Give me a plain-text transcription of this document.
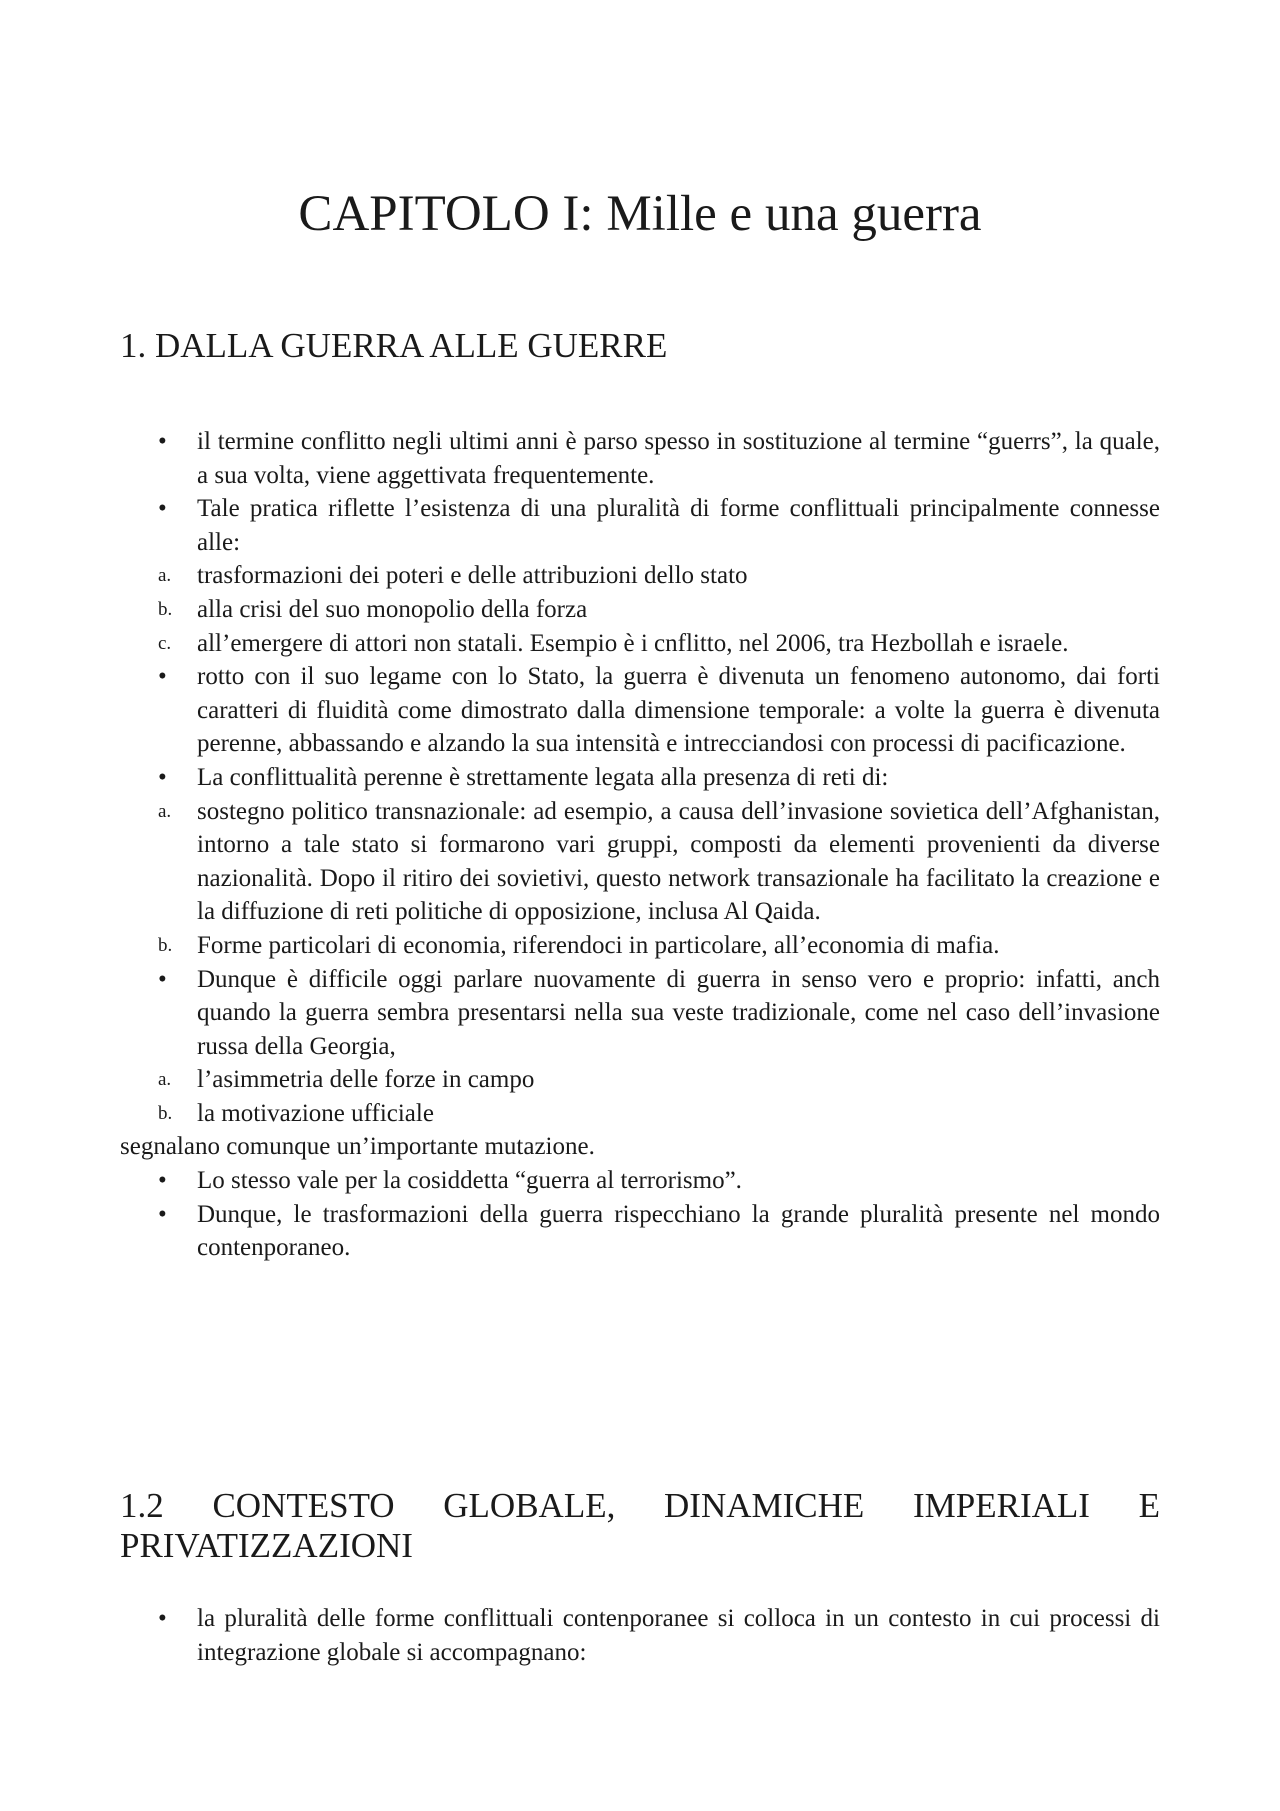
CAPITOLO I: Mille e una guerra
1. DALLA GUERRA ALLE GUERRE
•	il termine conflitto negli ultimi anni è parso spesso in sostituzione al termine “guerrs”, la quale, a sua volta, viene aggettivata frequentemente.
•	Tale pratica riflette l’esistenza di una pluralità di forme conflittuali principalmente connesse alle:
a. trasformazioni dei poteri e delle attribuzioni dello stato
b. alla crisi del suo monopolio della forza
c. all’emergere di attori non statali. Esempio è i cnflitto, nel 2006, tra Hezbollah e israele.
•	rotto con il suo legame con lo Stato, la guerra è divenuta un fenomeno autonomo, dai forti caratteri di fluidità come dimostrato dalla dimensione temporale: a volte la guerra è divenuta perenne, abbassando e alzando la sua intensità e intrecciandosi con processi di pacificazione.
•	La conflittualità perenne è strettamente legata alla presenza di reti di:
a. sostegno politico transnazionale: ad esempio, a causa dell’invasione sovietica dell’Afghanistan, intorno a tale stato si formarono vari gruppi, composti da elementi provenienti da diverse nazionalità. Dopo il ritiro dei sovietivi, questo network transazionale ha facilitato la creazione e la diffuzione di reti politiche di opposizione, inclusa Al Qaida.
b. Forme particolari di economia, riferendoci in particolare, all’economia di mafia.
•	Dunque è difficile oggi parlare nuovamente di guerra in senso vero e proprio: infatti, anch quando la guerra sembra presentarsi nella sua veste tradizionale, come nel caso dell’invasione russa della Georgia,
a. l’asimmetria delle forze in campo
b. la motivazione ufficiale
segnalano comunque un’importante mutazione.
•	Lo stesso vale per la cosiddetta “guerra al terrorismo”.
•	Dunque, le trasformazioni della guerra rispecchiano la grande pluralità presente nel mondo contenporaneo.
1.2 CONTESTO GLOBALE, DINAMICHE IMPERIALI E PRIVATIZZAZIONI
•	la pluralità delle forme conflittuali contenporanee si colloca in un contesto in cui processi di integrazione globale si accompagnano:
